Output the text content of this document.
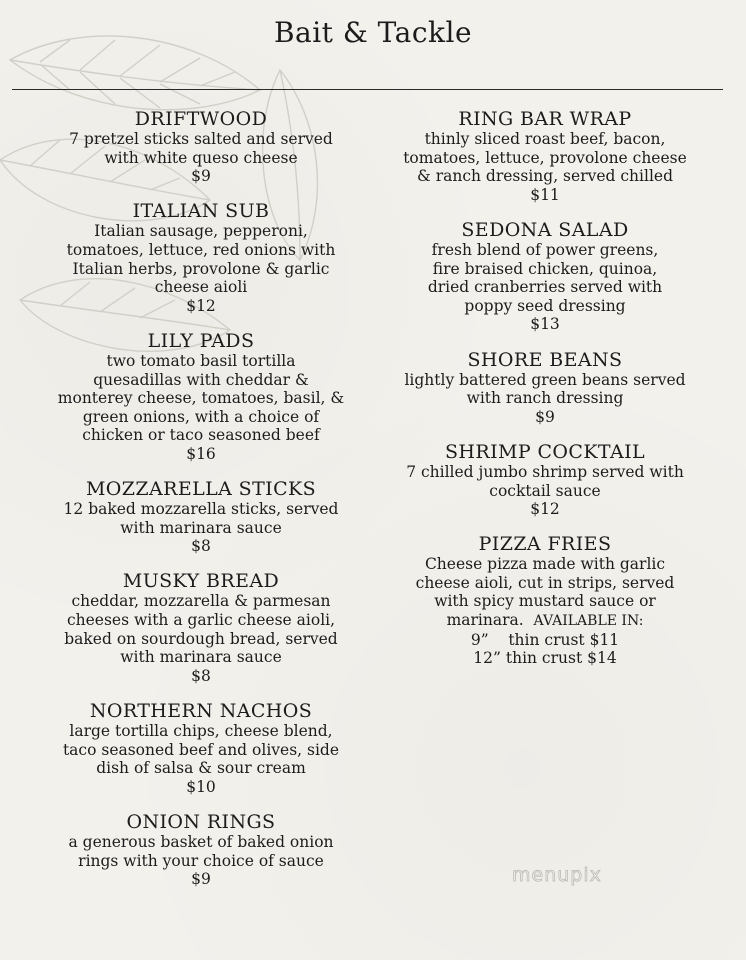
Bait & Tackle
DRIFTWOOD
7 pretzel sticks salted and served
with white queso cheese
$9
ITALIAN SUB
Italian sausage, pepperoni,
tomatoes, lettuce, red onions with
Italian herbs, provolone & garlic
cheese aioli
$12
LILY PADS
two tomato basil tortilla
quesadillas with cheddar &
monterey cheese, tomatoes, basil, &
green onions, with a choice of
chicken or taco seasoned beef
$16
MOZZARELLA STICKS
12 baked mozzarella sticks, served
with marinara sauce
$8
MUSKY BREAD
cheddar, mozzarella & parmesan
cheeses with a garlic cheese aioli,
baked on sourdough bread, served
with marinara sauce
$8
NORTHERN NACHOS
large tortilla chips, cheese blend,
taco seasoned beef and olives, side
dish of salsa & sour cream
$10
ONION RINGS
a generous basket of baked onion
rings with your choice of sauce
$9
RING BAR WRAP
thinly sliced roast beef, bacon,
tomatoes, lettuce, provolone cheese
& ranch dressing, served chilled
$11
SEDONA SALAD
fresh blend of power greens,
fire braised chicken, quinoa,
dried cranberries served with
poppy seed dressing
$13
SHORE BEANS
lightly battered green beans served
with ranch dressing
$9
SHRIMP COCKTAIL
7 chilled jumbo shrimp served with
cocktail sauce
$12
PIZZA FRIES
Cheese pizza made with garlic
cheese aioli, cut in strips, served
with spicy mustard sauce or
marinara. AVAILABLE IN:
9”    thin crust $11
12” thin crust $14
menupix
